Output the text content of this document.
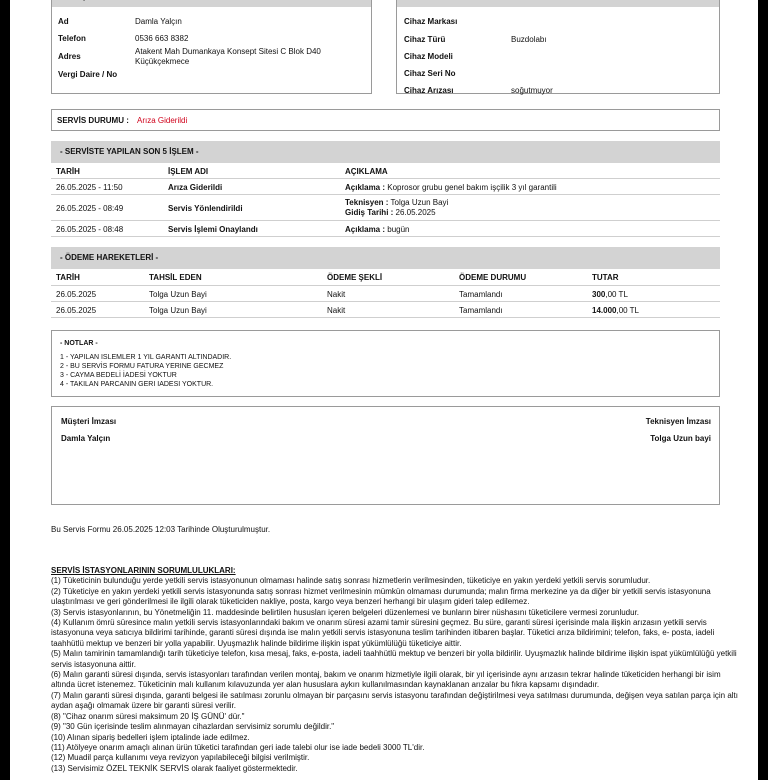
Ad	Damla Yalçın
Telefon	0536 663 8382
Adres
Atakent Mah Dumankaya Konsept Sitesi C Blok D40
Küçükçekmece
Vergi Daire / No
Cihaz Markası
Cihaz Türü	Buzdolabı
Cihaz Modeli
Cihaz Seri No
Cihaz Arızası	soğutmuyor
SERVİS DURUMU : Arıza Giderildi
- SERVİSTE YAPILAN SON 5 İŞLEM -
TARİH	İŞLEM ADI	AÇIKLAMA
26.05.2025 - 11:50	Arıza Giderildi	Açıklama : Koprosor grubu genel bakım işçilik 3 yıl garantili
26.05.2025 - 08:49	Servis Yönlendirildi
Teknisyen : Tolga Uzun Bayi
Gidiş Tarihi : 26.05.2025
26.05.2025 - 08:48	Servis İşlemi Onaylandı	Açıklama : bugün
- ÖDEME HAREKETLERİ -
TARİH	TAHSİL EDEN	ÖDEME ŞEKLİ	ÖDEME DURUMU	TUTAR
26.05.2025	Tolga Uzun Bayi	Nakit	Tamamlandı	300,00 TL
26.05.2025	Tolga Uzun Bayi	Nakit	Tamamlandı	14.000,00 TL
- NOTLAR -
1 - YAPILAN ISLEMLER 1 YIL GARANTI ALTINDADIR.
2 - BU SERVİS FORMU FATURA YERINE GECMEZ
3 - CAYMA BEDELİ İADESİ YOKTUR
4 - TAKILAN PARCANIN GERI IADESI YOKTUR.
Müşteri İmzası
Damla Yalçın
Teknisyen İmzası
Tolga Uzun bayi
Bu Servis Formu 26.05.2025 12:03 Tarihinde Oluşturulmuştur.
SERVİS İSTASYONLARININ SORUMLULUKLARI:
(1) Tüketicinin bulunduğu yerde yetkili servis istasyonunun olmaması halinde satış sonrası hizmetlerin verilmesinden, tüketiciye en yakın yerdeki yetkili servis sorumludur.
(2) Tüketiciye en yakın yerdeki yetkili servis istasyonunda satış sonrası hizmet verilmesinin mümkün olmaması durumunda; malın firma merkezine ya da diğer bir yetkili servis istasyonuna ulaştırılması ve geri gönderilmesi ile ilgili olarak tüketiciden nakliye, posta, kargo veya benzeri herhangi bir ulaşım gideri talep edilemez.
(3) Servis istasyonlarının, bu Yönetmeliğin 11. maddesinde belirtilen hususları içeren belgeleri düzenlemesi ve bunların birer nüshasını tüketicilere vermesi zorunludur.
(4) Kullanım ömrü süresince malın yetkili servis istasyonlarındaki bakım ve onarım süresi azami tamir süresini geçmez. Bu süre, garanti süresi içerisinde mala ilişkin arızasın yetkili servis istasyonuna veya satıcıya bildirimi tarihinde, garanti süresi dışında ise malın yetkili servis istasyonuna teslim tarihinden itibaren başlar. Tüketici arıza bildirimini; telefon, faks, e- posta, iadeli taahhütlü mektup ve benzeri bir yolla yapabilir. Uyuşmazlık halinde bildirime ilişkin ispat yükümlülüğü tüketiciye aittir.
(5) Malın tamirinin tamamlandığı tarih tüketiciye telefon, kısa mesaj, faks, e-posta, iadeli taahhütlü mektup ve benzeri bir yolla bildirilir. Uyuşmazlık halinde bildirime ilişkin ispat yükümlülüğü yetkili servis istasyonuna aittir.
(6) Malın garanti süresi dışında, servis istasyonları tarafından verilen montaj, bakım ve onarım hizmetiyle ilgili olarak, bir yıl içerisinde aynı arızasın tekrar halinde tüketiciden herhangi bir isim altında ücret istenemez. Tüketicinin malı kullanım kılavuzunda yer alan hususlara aykırı kullanılmasından kaynaklanan arızalar bu fıkra kapsamı dışındadır.
(7) Malın garanti süresi dışında, garanti belgesi ile satılması zorunlu olmayan bir parçasını servis istasyonu tarafından değiştirilmesi veya satılması durumunda, değişen veya satılan parça için altı aydan aşağı olmamak üzere bir garanti süresi verilir.
(8) "Cihaz onarım süresi maksimum 20 İŞ GÜNÜ' dür."
(9) "30 Gün içerisinde teslim alınmayan cihazlardan servisimiz sorumlu değildir."
(10) Alınan sipariş bedelleri işlem iptalinde iade edilmez.
(11) Atölyeye onarım amaçlı alınan ürün tüketici tarafından geri iade talebi olur ise iade bedeli 3000 TL'dir.
(12) Muadil parça kullanımı veya revizyon yapılabileceği bilgisi verilmiştir.
(13) Servisimiz ÖZEL TEKNİK SERVİS olarak faaliyet göstermektedir.
